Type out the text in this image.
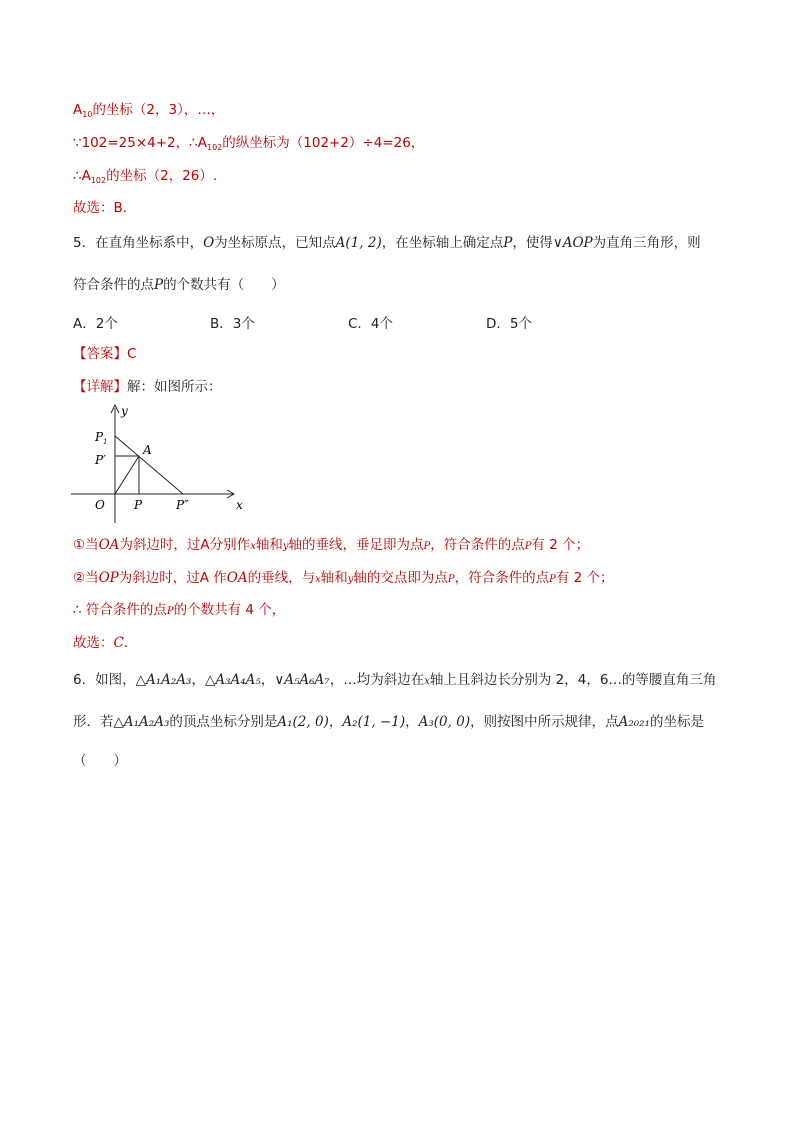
$A_{10}$的坐标（2，3），…，
∵102=25×4+2，$\therefore A_{102}$的纵坐标为（102+2）÷4=26，
$\therefore A_{102}$的坐标（2，26）.
故选：B.
5．在直角坐标系中，O为坐标原点，已知点A(1, 2)，在坐标轴上确定点P，使得∨AOP为直角三角形，则
符合条件的点P的个数共有（　　）
A．2个	B．3个	C．4个	D．5个
【答案】C
【详解】解：如图所示：
y
x
O
P 1
P′
A
P	P″
①当OA为斜边时，过A分别作x轴和y轴的垂线，垂足即为点P，符合条件的点P有 2 个；
②当OP为斜边时，过A 作OA的垂线，与x轴和y轴的交点即为点P，符合条件的点P有 2 个；
∴ 符合条件的点P的个数共有 4 个，
故选：C．
6．如图，△A₁A₂A₃，△A₃A₄A₅，∨A₅A₆A₇，…均为斜边在x轴上且斜边长分别为 2，4，6…的等腰直角三角
形．若△A₁A₂A₃的顶点坐标分别是A₁(2, 0)，A₂(1, −1)，A₃(0, 0)，则按图中所示规律，点A₂₀₂₁的坐标是
（　　）
